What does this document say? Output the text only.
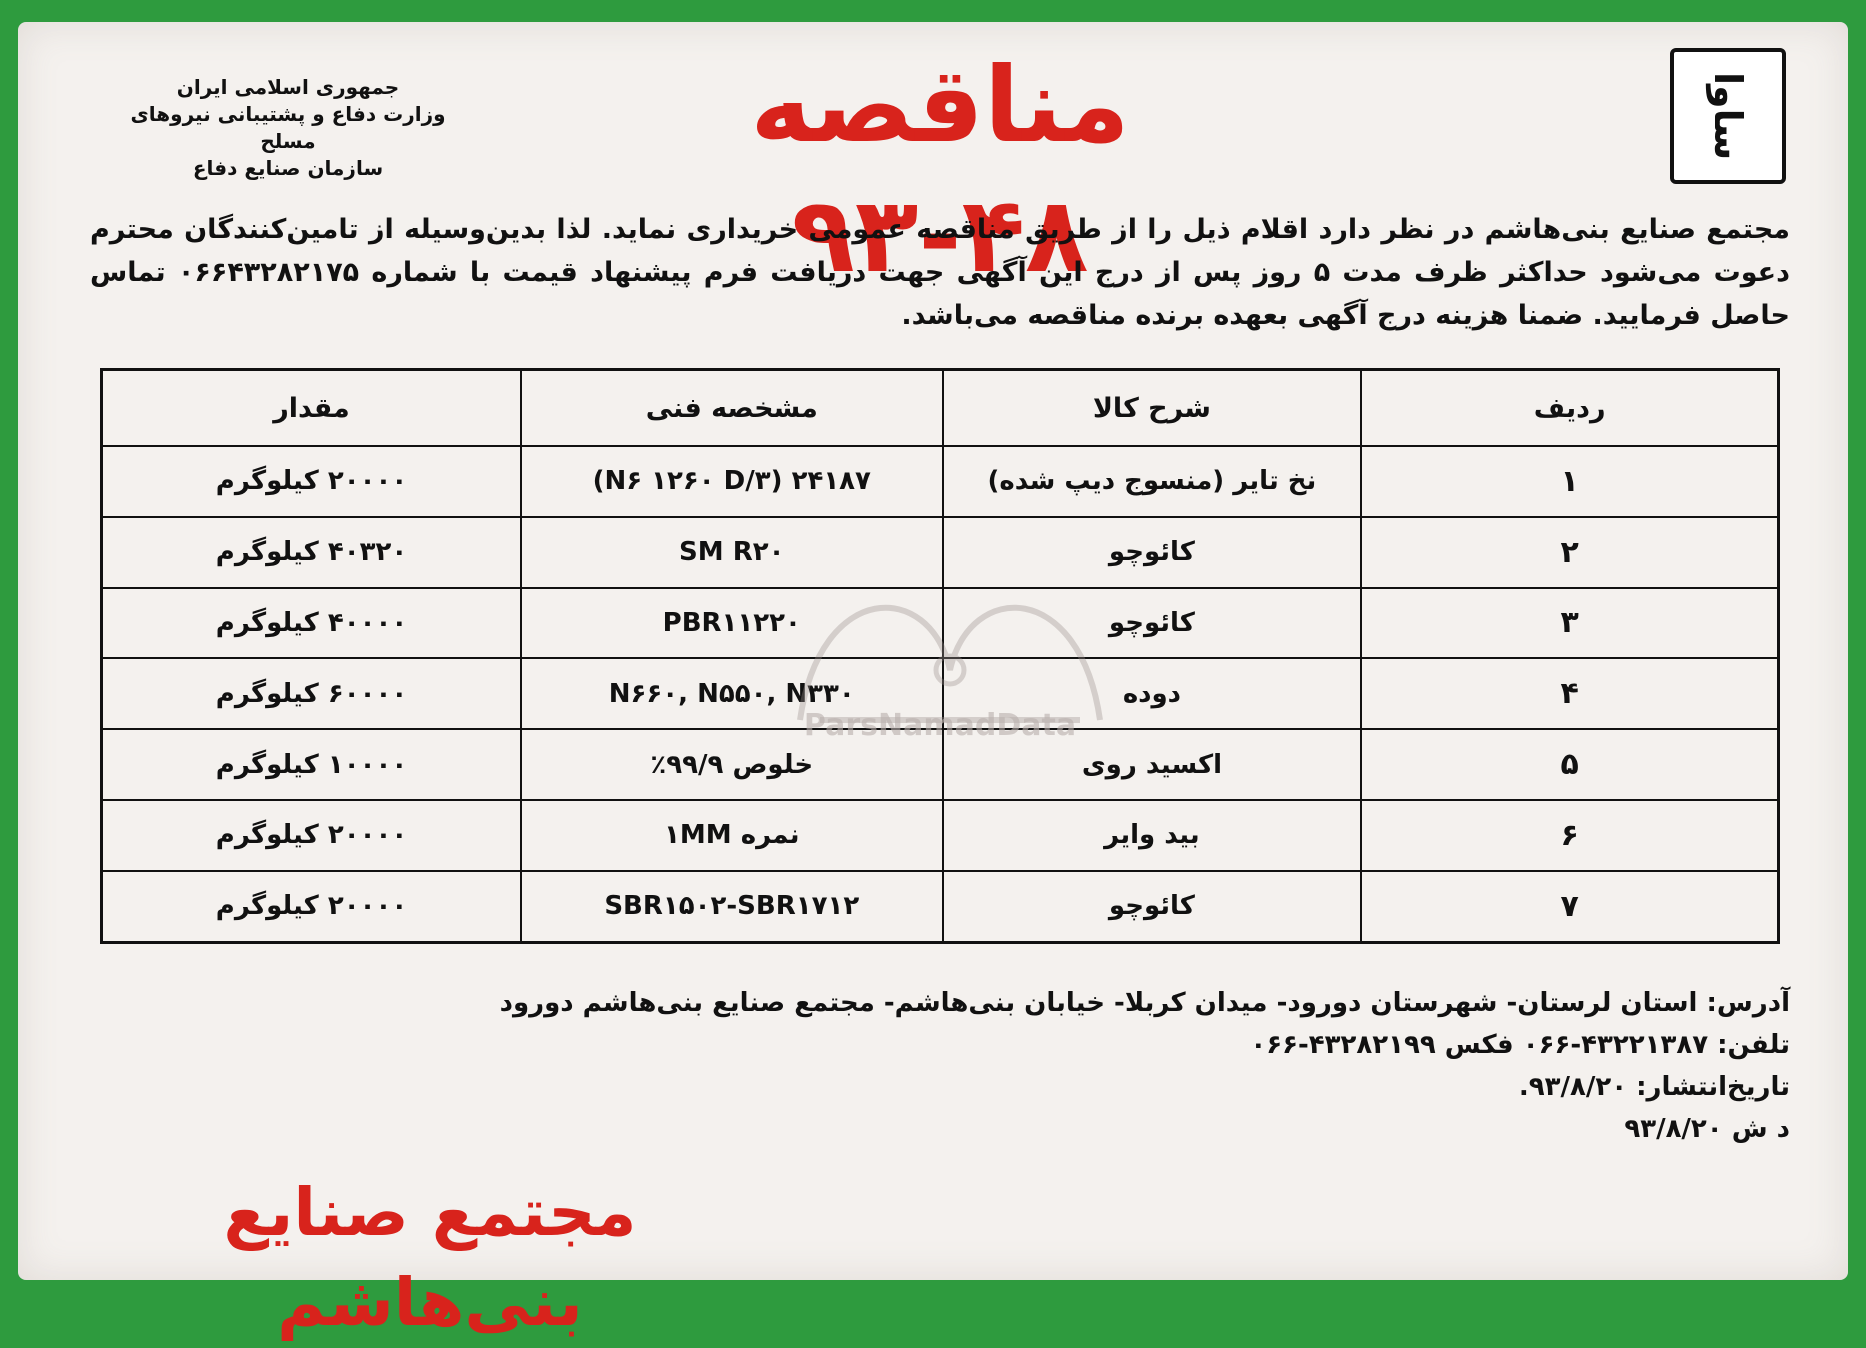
جمهوری اسلامی ایران
وزارت دفاع و پشتیبانی نیروهای مسلح
سازمان صنایع دفاع
مناقصه ۴۸-۹۳
ساوا
مجتمع صنایع بنی‌هاشم در نظر دارد اقلام ذیل را از طریق مناقصه عمومی خریداری نماید. لذا بدین‌وسیله از تامین‌کنندگان محترم دعوت می‌شود حداکثر ظرف مدت ۵ روز پس از درج این آگهی جهت دریافت فرم پیشنهاد قیمت با شماره ۰۶۶۴۳۲۸۲۱۷۵ تماس حاصل فرمایید. ضمنا هزینه درج آگهی بعهده برنده مناقصه می‌باشد.
ردیف	شرح کالا	مشخصه فنی	مقدار
۱	نخ تایر (منسوج دیپ شده)	۲۴۱۸۷ (۳/N۶ ۱۲۶۰ D)	۲۰۰۰۰ کیلوگرم
۲	کائوچو	SM R۲۰	۴۰۳۲۰ کیلوگرم
۳	کائوچو	PBR۱۱۲۲۰	۴۰۰۰۰ کیلوگرم
۴	دوده	N۶۶۰, N۵۵۰, N۳۳۰	۶۰۰۰۰ کیلوگرم
۵	اکسید روی	خلوص ۹۹/۹٪	۱۰۰۰۰ کیلوگرم
۶	بید وایر	نمره ۱MM	۲۰۰۰۰ کیلوگرم
۷	کائوچو	SBR۱۵۰۲-SBR۱۷۱۲	۲۰۰۰۰ کیلوگرم
ParsNamadData
آدرس: استان لرستان- شهرستان دورود- میدان کربلا- خیابان بنی‌هاشم- مجتمع صنایع بنی‌هاشم دورود
تلفن: ۴۳۲۲۱۳۸۷-۰۶۶ فکس ۴۳۲۸۲۱۹۹-۰۶۶
تاریخ‌انتشار: ۹۳/۸/۲۰.
د ش ۹۳/۸/۲۰
مجتمع صنایع بنی‌هاشم
